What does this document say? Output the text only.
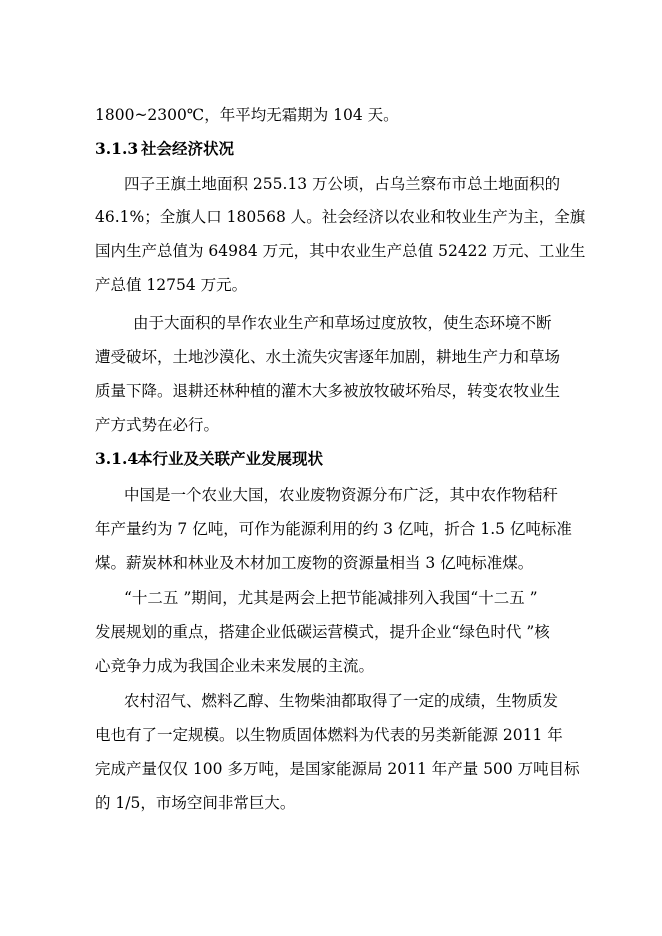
1800~2300℃，年平均无霜期为 104 天。
3.1.3 社会经济状况
四子王旗土地面积 255.13 万公顷，占乌兰察布市总土地面积的
46.1%；全旗人口 180568 人。社会经济以农业和牧业生产为主，全旗
国内生产总值为 64984 万元，其中农业生产总值 52422 万元、工业生
产总值 12754 万元。
由于大面积的旱作农业生产和草场过度放牧，使生态环境不断
遭受破坏，土地沙漠化、水土流失灾害逐年加剧，耕地生产力和草场
质量下降。退耕还林种植的灌木大多被放牧破坏殆尽，转变农牧业生
产方式势在必行。
3.1.4本行业及关联产业发展现状
中国是一个农业大国，农业废物资源分布广泛，其中农作物秸秆
年产量约为 7 亿吨，可作为能源利用的约 3 亿吨，折合 1.5 亿吨标准
煤。薪炭林和林业及木材加工废物的资源量相当 3 亿吨标准煤。
“十二五 ”期间，尤其是两会上把节能减排列入我国“十二五 ”
发展规划的重点，搭建企业低碳运营模式，提升企业“绿色时代 ”核
心竞争力成为我国企业未来发展的主流。
农村沼气、燃料乙醇、生物柴油都取得了一定的成绩，生物质发
电也有了一定规模。以生物质固体燃料为代表的另类新能源 2011 年
完成产量仅仅 100 多万吨，是国家能源局 2011 年产量 500 万吨目标
的 1/5，市场空间非常巨大。
